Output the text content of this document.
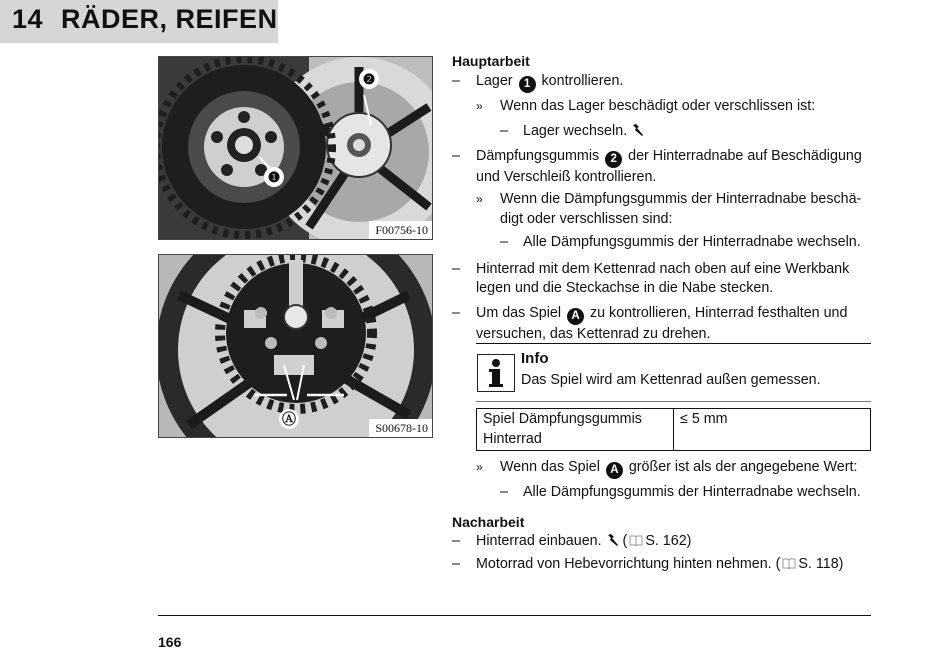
14 RÄDER, REIFEN
❶
❷
F00756-10
Ⓐ
S00678-10
Hauptarbeit
– Lager 1 kontrollieren.
» Wenn das Lager beschädigt oder verschlissen ist:
– Lager wechseln.
– Dämpfungsgummis 2 der Hinterradnabe auf Beschädigung
und Verschleiß kontrollieren.
» Wenn die Dämpfungsgummis der Hinterradnabe beschä-
digt oder verschlissen sind:
– Alle Dämpfungsgummis der Hinterradnabe wechseln.
– Hinterrad mit dem Kettenrad nach oben auf eine Werkbank
legen und die Steckachse in die Nabe stecken.
– Um das Spiel A zu kontrollieren, Hinterrad festhalten und
versuchen, das Kettenrad zu drehen.
Info
Das Spiel wird am Kettenrad außen gemessen.
Spiel Dämpfungsgummis
Hinterrad	≤ 5 mm
» Wenn das Spiel A größer ist als der angegebene Wert:
– Alle Dämpfungsgummis der Hinterradnabe wechseln.
Nacharbeit
– Hinterrad einbauen.  ( S. 162)
– Motorrad von Hebevorrichtung hinten nehmen. ( S. 118)
166
